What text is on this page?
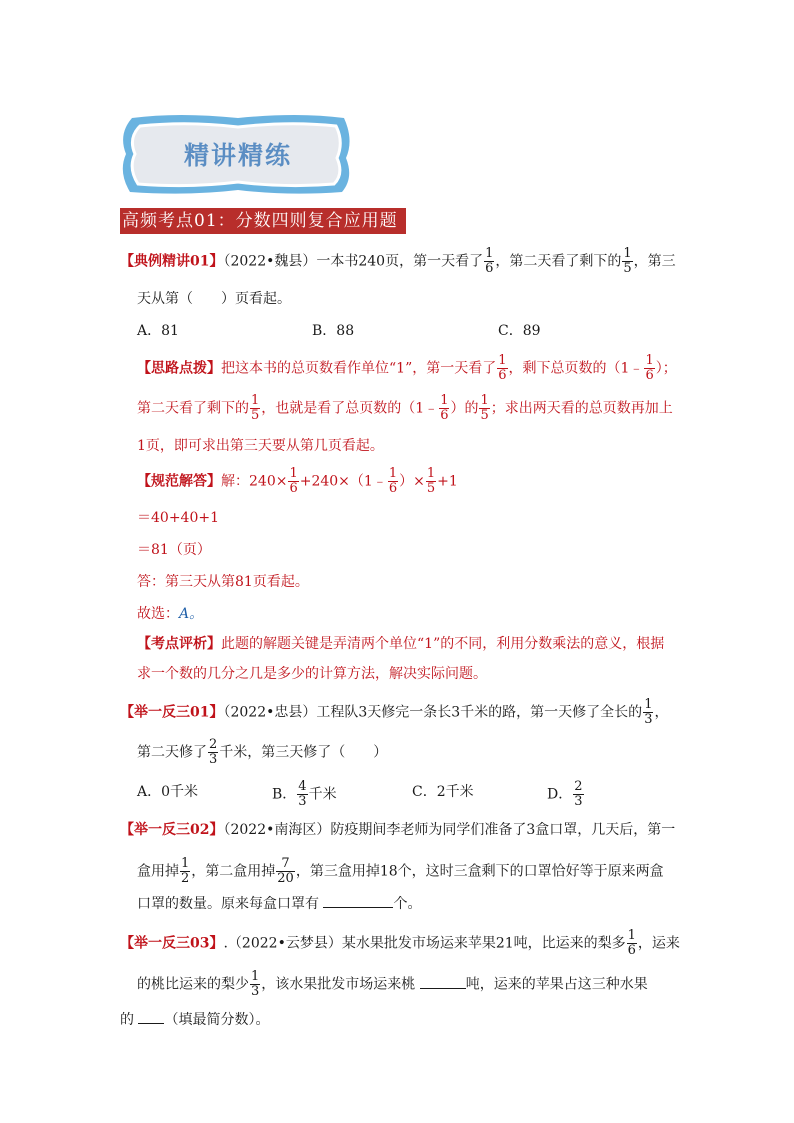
精讲精练
高频考点01：分数四则复合应用题
【典例精讲01】（2022•魏县）一本书240页，第一天看了 $\frac{1}{6}$ ，第二天看了剩下的 $\frac{1}{5}$ ，第三
天从第（　　）页看起。
A．81	B．88	C．89
【思路点拨】把这本书的总页数看作单位“1”，第一天看了 $\frac{1}{6}$ ，剩下总页数的（1﹣ $\frac{1}{6}$ ）；
第二天看了剩下的 $\frac{1}{5}$ ，也就是看了总页数的（1﹣ $\frac{1}{6}$ ）的 $\frac{1}{5}$ ；求出两天看的总页数再加上
1页，即可求出第三天要从第几页看起。
【规范解答】解：$240\times \frac{1}{6}$ +240×（1﹣ $\frac{1}{6}$ ）× $\frac{1}{5} +1$
＝40+40+1
＝81（页）
答：第三天从第81页看起。
故选：A。
【考点评析】此题的解题关键是弄清两个单位“1”的不同，利用分数乘法的意义，根据
求一个数的几分之几是多少的计算方法，解决实际问题。
【举一反三01】（2022•忠县）工程队3天修完一条长3千米的路，第一天修了全长的 $\frac{1}{3}$ ，
第二天修了 $\frac{2}{3}$ 千米，第三天修了（　　）
A．0千米	B． $\frac{4}{3}$ 千米	C．2千米	D． $\frac{2}{3}$
【举一反三02】（2022•南海区）防疫期间李老师为同学们准备了3盒口罩，几天后，第一
盒用掉 $\frac{1}{2}$ ，第二盒用掉 $\frac{7}{20}$ ，第三盒用掉18个，这时三盒剩下的口罩恰好等于原来两盒
口罩的数量。原来每盒口罩有	个。
【举一反三03】.（2022•云梦县）某水果批发市场运来苹果21吨，比运来的梨多 $\frac{1}{6}$ ，运来
的桃比运来的梨少 $\frac{1}{3}$ ，该水果批发市场运来桃	吨，运来的苹果占这三种水果
的 （填最简分数）。
